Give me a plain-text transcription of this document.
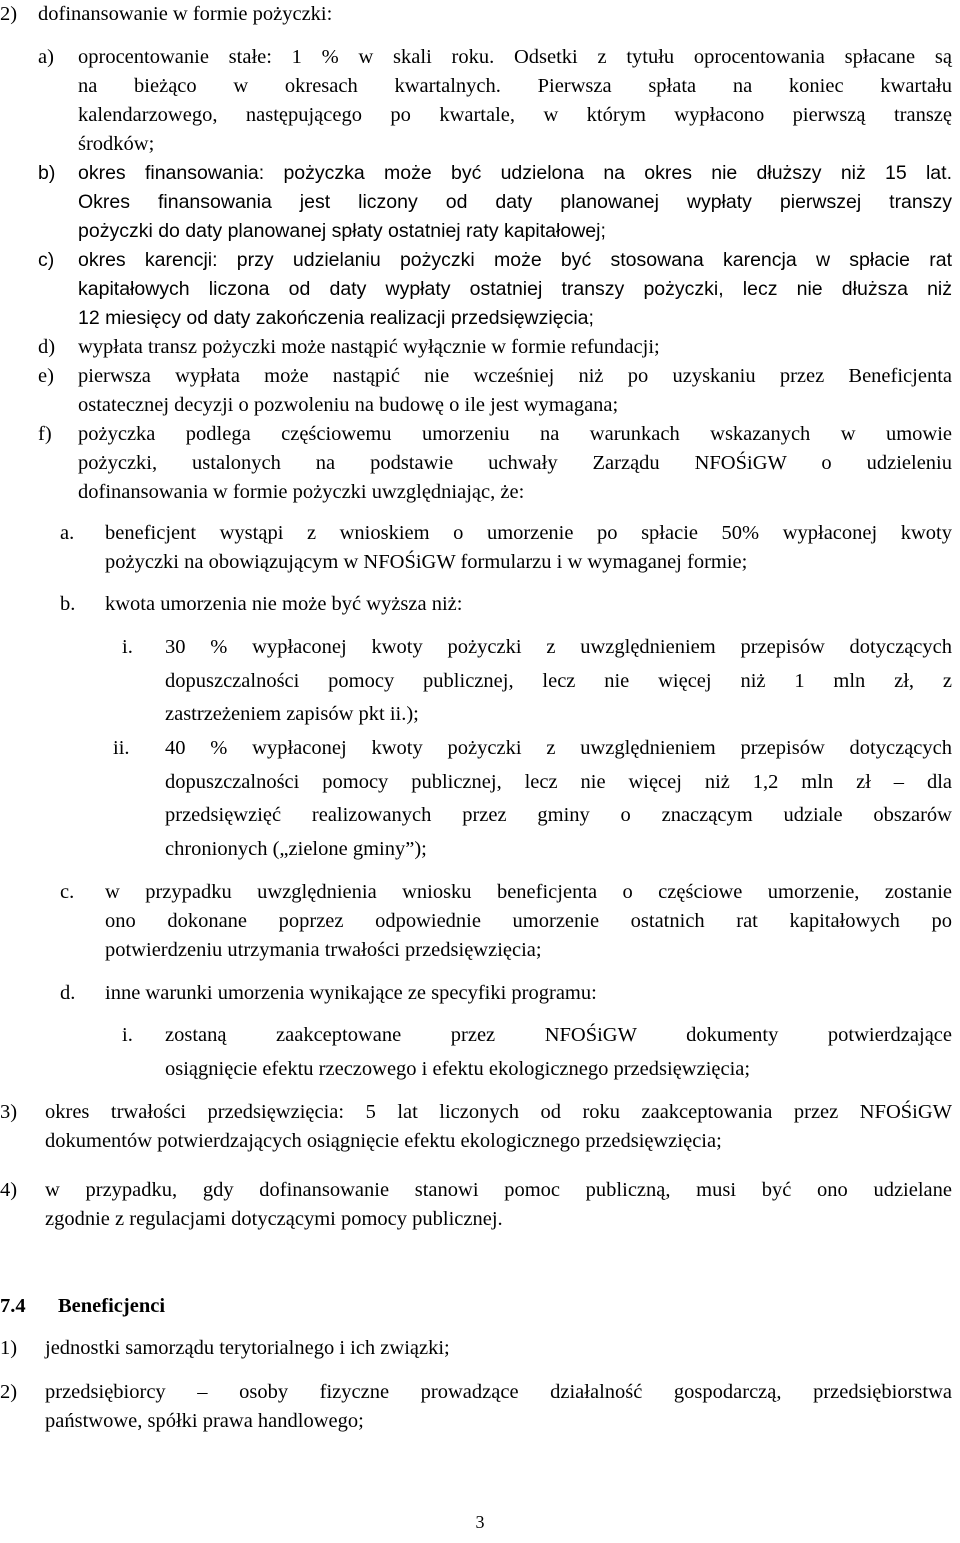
2) dofinansowanie w formie pożyczki:
a) oprocentowanie stałe: 1 % w skali roku. Odsetki z tytułu oprocentowania spłacane są
na bieżąco w okresach kwartalnych. Pierwsza spłata na koniec kwartału
kalendarzowego, następującego po kwartale, w którym wypłacono pierwszą transzę
środków;
b) okres finansowania: pożyczka może być udzielona na okres nie dłuższy niż 15 lat.
Okres finansowania jest liczony od daty planowanej wypłaty pierwszej transzy
pożyczki do daty planowanej spłaty ostatniej raty kapitałowej;
c) okres karencji: przy udzielaniu pożyczki może być stosowana karencja w spłacie rat
kapitałowych liczona od daty wypłaty ostatniej transzy pożyczki, lecz nie dłuższa niż
12 miesięcy od daty zakończenia realizacji przedsięwzięcia;
d) wypłata transz pożyczki może nastąpić wyłącznie w formie refundacji;
e) pierwsza wypłata może nastąpić nie wcześniej niż po uzyskaniu przez Beneficjenta
ostatecznej decyzji o pozwoleniu na budowę o ile jest wymagana;
f) pożyczka podlega częściowemu umorzeniu na warunkach wskazanych w umowie
pożyczki, ustalonych na podstawie uchwały Zarządu NFOŚiGW o udzieleniu
dofinansowania w formie pożyczki uwzględniając, że:
a. beneficjent wystąpi z wnioskiem o umorzenie po spłacie 50% wypłaconej kwoty
pożyczki na obowiązującym w NFOŚiGW formularzu i w wymaganej formie;
b. kwota umorzenia nie może być wyższa niż:
i. 30 % wypłaconej kwoty pożyczki z uwzględnieniem przepisów dotyczących
dopuszczalności pomocy publicznej, lecz nie więcej niż 1 mln zł, z
zastrzeżeniem zapisów pkt ii.);
ii. 40 % wypłaconej kwoty pożyczki z uwzględnieniem przepisów dotyczących
dopuszczalności pomocy publicznej, lecz nie więcej niż 1,2 mln zł – dla
przedsięwzięć realizowanych przez gminy o znaczącym udziale obszarów
chronionych („zielone gminy”);
c. w przypadku uwzględnienia wniosku beneficjenta o częściowe umorzenie, zostanie
ono dokonane poprzez odpowiednie umorzenie ostatnich rat kapitałowych po
potwierdzeniu utrzymania trwałości przedsięwzięcia;
d. inne warunki umorzenia wynikające ze specyfiki programu:
i. zostaną zaakceptowane przez NFOŚiGW dokumenty potwierdzające
osiągnięcie efektu rzeczowego i efektu ekologicznego przedsięwzięcia;
3) okres trwałości przedsięwzięcia: 5 lat liczonych od roku zaakceptowania przez NFOŚiGW
dokumentów potwierdzających osiągnięcie efektu ekologicznego przedsięwzięcia;
4) w przypadku, gdy dofinansowanie stanowi pomoc publiczną, musi być ono udzielane
zgodnie z regulacjami dotyczącymi pomocy publicznej.
7.4 Beneficjenci
1) jednostki samorządu terytorialnego i ich związki;
2) przedsiębiorcy – osoby fizyczne prowadzące działalność gospodarczą, przedsiębiorstwa
państwowe, spółki prawa handlowego;
3
